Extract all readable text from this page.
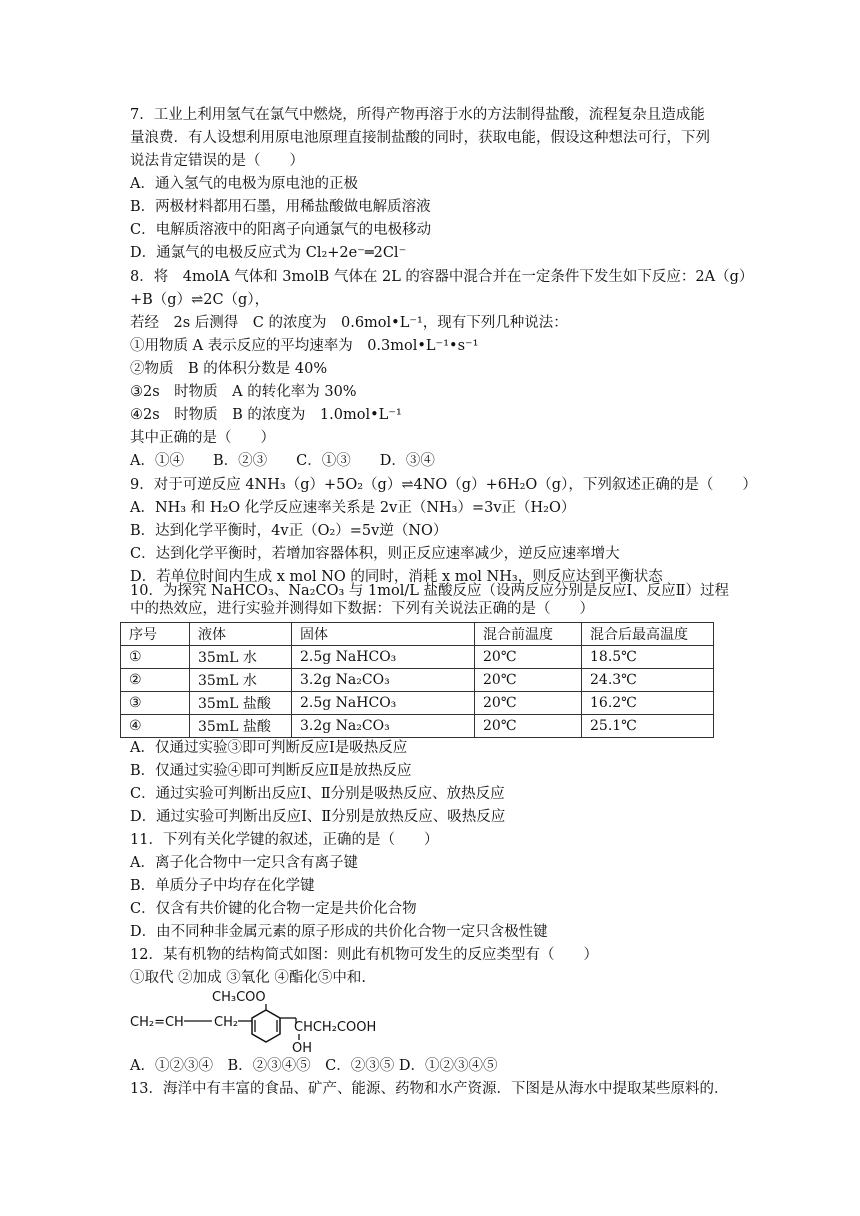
7．工业上利用氢气在氯气中燃烧，所得产物再溶于水的方法制得盐酸，流程复杂且造成能
量浪费．有人设想利用原电池原理直接制盐酸的同时，获取电能，假设这种想法可行，下列
说法肯定错误的是（　　）
A．通入氢气的电极为原电池的正极
B．两极材料都用石墨，用稀盐酸做电解质溶液
C．电解质溶液中的阳离子向通氯气的电极移动
D．通氯气的电极反应式为 Cl₂+2e⁻═2Cl⁻
8．将　4molA 气体和 3molB 气体在 2L 的容器中混合并在一定条件下发生如下反应：2A（g）
+B（g）⇌2C（g），
若经　2s 后测得　C 的浓度为　0.6mol•L⁻¹，现有下列几种说法：
①用物质 A 表示反应的平均速率为　0.3mol•L⁻¹•s⁻¹
②物质　B 的体积分数是 40%
③2s　时物质　A 的转化率为 30%
④2s　时物质　B 的浓度为　1.0mol•L⁻¹
其中正确的是（　　）
A．①④　　B．②③　　C．①③　　D．③④
9．对于可逆反应 4NH₃（g）+5O₂（g）⇌4NO（g）+6H₂O（g），下列叙述正确的是（　　）
A．NH₃ 和 H₂O 化学反应速率关系是 2v正（NH₃）=3v正（H₂O）
B．达到化学平衡时，4v正（O₂）=5v逆（NO）
C．达到化学平衡时，若增加容器体积，则正反应速率减少，逆反应速率增大
D．若单位时间内生成 x mol NO 的同时，消耗 x mol NH₃，则反应达到平衡状态
10．为探究 NaHCO₃、Na₂CO₃ 与 1mol/L 盐酸反应（设两反应分别是反应Ⅰ、反应Ⅱ）过程
中的热效应，进行实验并测得如下数据：下列有关说法正确的是（　　）
序号	液体	固体	混合前温度	混合后最高温度
①	35mL 水	2.5g NaHCO₃	20℃	18.5℃
②	35mL 水	3.2g Na₂CO₃	20℃	24.3℃
③	35mL 盐酸	2.5g NaHCO₃	20℃	16.2℃
④	35mL 盐酸	3.2g Na₂CO₃	20℃	25.1℃
A．仅通过实验③即可判断反应Ⅰ是吸热反应
B．仅通过实验④即可判断反应Ⅱ是放热反应
C．通过实验可判断出反应Ⅰ、Ⅱ分别是吸热反应、放热反应
D．通过实验可判断出反应Ⅰ、Ⅱ分别是放热反应、吸热反应
11．下列有关化学键的叙述，正确的是（　　）
A．离子化合物中一定只含有离子键
B．单质分子中均存在化学键
C．仅含有共价键的化合物一定是共价化合物
D．由不同种非金属元素的原子形成的共价化合物一定只含极性键
12．某有机物的结构简式如图：则此有机物可发生的反应类型有（　　）
①取代 ②加成 ③氧化 ④酯化⑤中和.
CH₃COO
CH₂=CH CH₂	CHCH₂COOH
OH
A．①②③④　B．②③④⑤　C．②③⑤ D．①②③④⑤
13．海洋中有丰富的食品、矿产、能源、药物和水产资源．下图是从海水中提取某些原料的．
